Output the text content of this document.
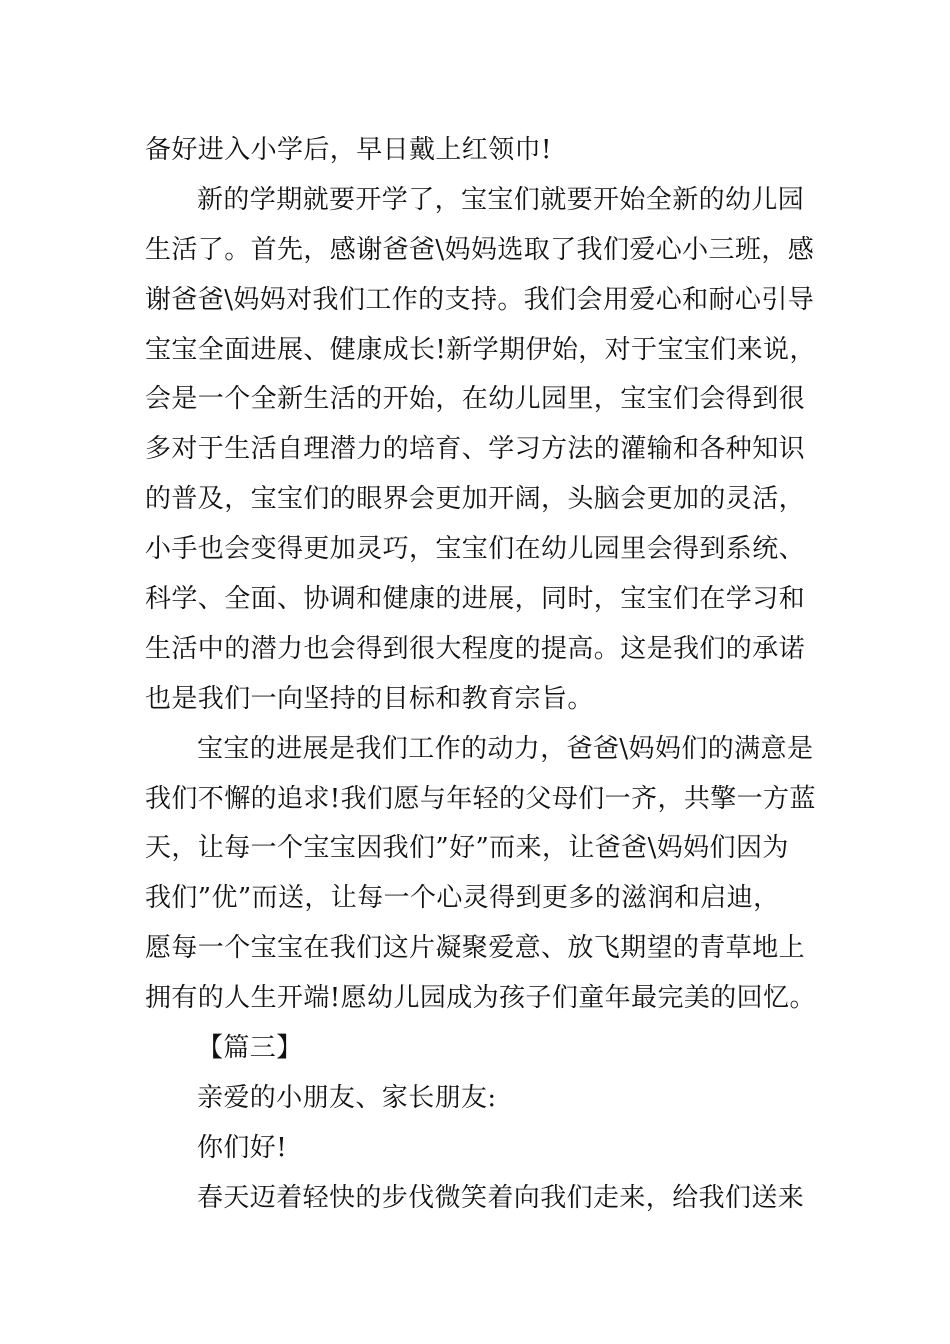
备好进入小学后，早日戴上红领巾!
新的学期就要开学了，宝宝们就要开始全新的幼儿园
生活了。首先，感谢爸爸\妈妈选取了我们爱心小三班，感
谢爸爸\妈妈对我们工作的支持。我们会用爱心和耐心引导
宝宝全面进展、健康成长!新学期伊始，对于宝宝们来说，
会是一个全新生活的开始，在幼儿园里，宝宝们会得到很
多对于生活自理潜力的培育、学习方法的灌输和各种知识
的普及，宝宝们的眼界会更加开阔，头脑会更加的灵活，
小手也会变得更加灵巧，宝宝们在幼儿园里会得到系统、
科学、全面、协调和健康的进展，同时，宝宝们在学习和
生活中的潜力也会得到很大程度的提高。这是我们的承诺
也是我们一向坚持的目标和教育宗旨。
宝宝的进展是我们工作的动力，爸爸\妈妈们的满意是
我们不懈的追求!我们愿与年轻的父母们一齐，共擎一方蓝
天，让每一个宝宝因我们”好”而来，让爸爸\妈妈们因为
我们”优”而送，让每一个心灵得到更多的滋润和启迪，
愿每一个宝宝在我们这片凝聚爱意、放飞期望的青草地上
拥有的人生开端!愿幼儿园成为孩子们童年最完美的回忆。
【篇三】
亲爱的小朋友、家长朋友:
你们好!
春天迈着轻快的步伐微笑着向我们走来，给我们送来
